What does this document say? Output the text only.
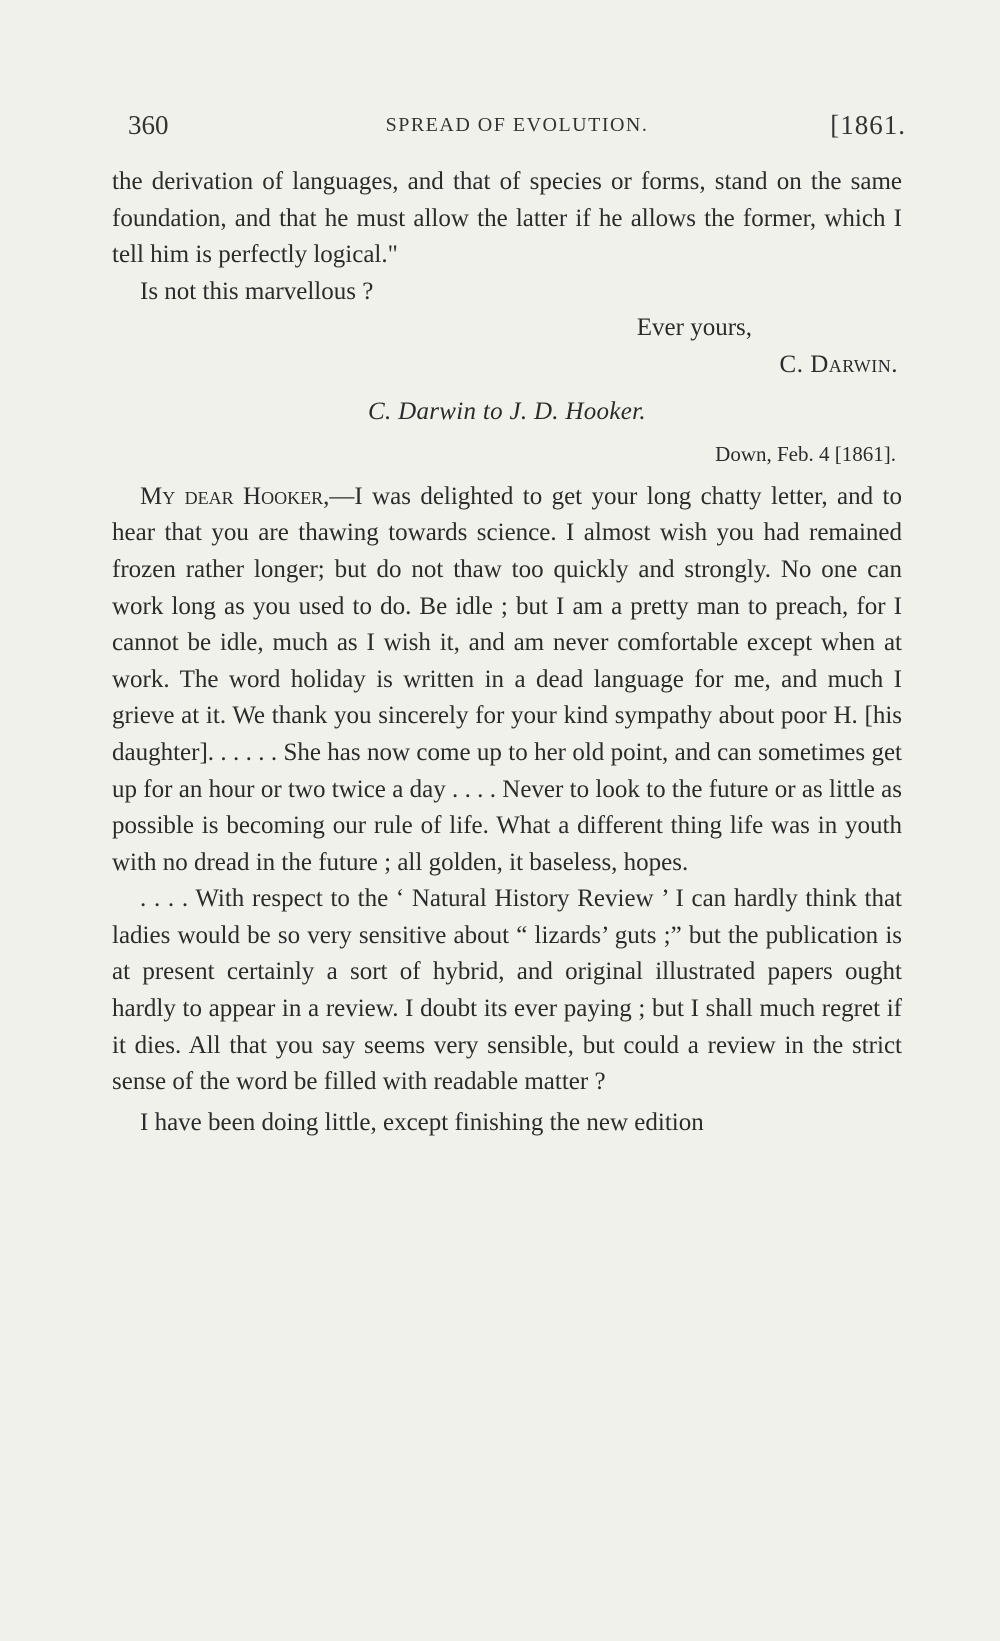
360	SPREAD OF EVOLUTION.	[1861.

the derivation of languages, and that of species or forms, stand on the same foundation, and that he must allow the latter if he allows the former, which I tell him is perfectly logical."

Is not this marvellous ?

Ever yours,

C. Darwin.

C. Darwin to J. D. Hooker.

Down, Feb. 4 [1861].

My dear Hooker,—I was delighted to get your long chatty letter, and to hear that you are thawing towards science. I almost wish you had remained frozen rather longer; but do not thaw too quickly and strongly. No one can work long as you used to do. Be idle ; but I am a pretty man to preach, for I cannot be idle, much as I wish it, and am never comfortable except when at work. The word holiday is written in a dead language for me, and much I grieve at it. We thank you sincerely for your kind sympathy about poor H. [his daughter]. . . . . . She has now come up to her old point, and can sometimes get up for an hour or two twice a day . . . . Never to look to the future or as little as possible is becoming our rule of life. What a different thing life was in youth with no dread in the future ; all golden, it baseless, hopes.

. . . . With respect to the ‘ Natural History Review ’ I can hardly think that ladies would be so very sensitive about “ lizards’ guts ;” but the publication is at present certainly a sort of hybrid, and original illustrated papers ought hardly to appear in a review. I doubt its ever paying ; but I shall much regret if it dies. All that you say seems very sensible, but could a review in the strict sense of the word be filled with readable matter ?

I have been doing little, except finishing the new edition
